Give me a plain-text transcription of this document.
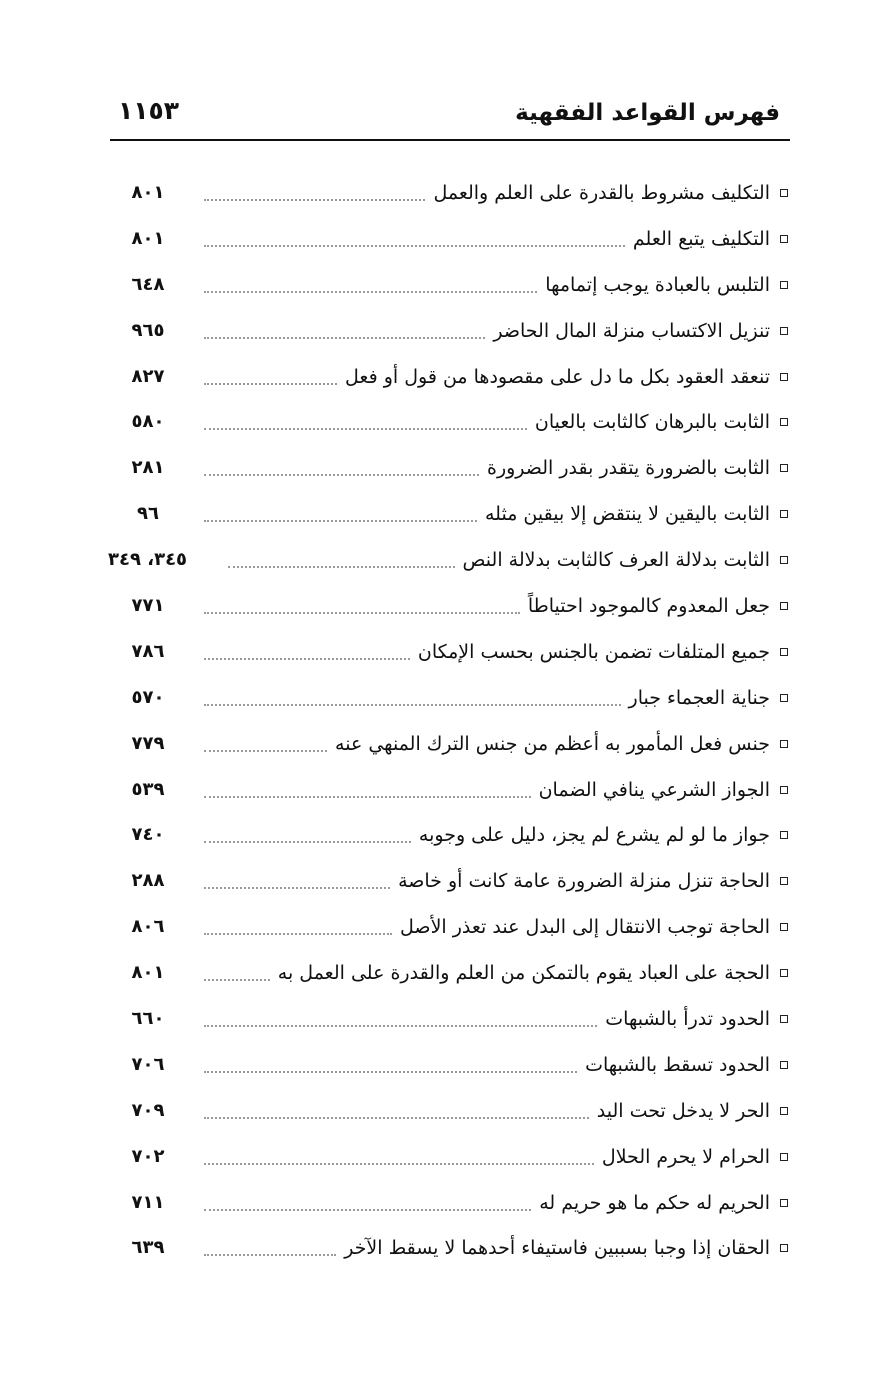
فهرس القواعد الفقهية
١١٥٣
التكليف مشروط بالقدرة على العلم والعمل
٨٠١
التكليف يتبع العلم
٨٠١
التلبس بالعبادة يوجب إتمامها
٦٤٨
تنزيل الاكتساب منزلة المال الحاضر
٩٦٥
تنعقد العقود بكل ما دل على مقصودها من قول أو فعل
٨٢٧
الثابت بالبرهان كالثابت بالعيان
٥٨٠
الثابت بالضرورة يتقدر بقدر الضرورة
٢٨١
الثابت باليقين لا ينتقض إلا بيقين مثله
٩٦
الثابت بدلالة العرف كالثابت بدلالة النص
٣٤٥، ٣٤٩
جعل المعدوم كالموجود احتياطاً
٧٧١
جميع المتلفات تضمن بالجنس بحسب الإمكان
٧٨٦
جناية العجماء جبار
٥٧٠
جنس فعل المأمور به أعظم من جنس الترك المنهي عنه
٧٧٩
الجواز الشرعي ينافي الضمان
٥٣٩
جواز ما لو لم يشرع لم يجز، دليل على وجوبه
٧٤٠
الحاجة تنزل منزلة الضرورة عامة كانت أو خاصة
٢٨٨
الحاجة توجب الانتقال إلى البدل عند تعذر الأصل
٨٠٦
الحجة على العباد يقوم بالتمكن من العلم والقدرة على العمل به
٨٠١
الحدود تدرأ بالشبهات
٦٦٠
الحدود تسقط بالشبهات
٧٠٦
الحر لا يدخل تحت اليد
٧٠٩
الحرام لا يحرم الحلال
٧٠٢
الحريم له حكم ما هو حريم له
٧١١
الحقان إذا وجبا بسببين فاستيفاء أحدهما لا يسقط الآخر
٦٣٩
